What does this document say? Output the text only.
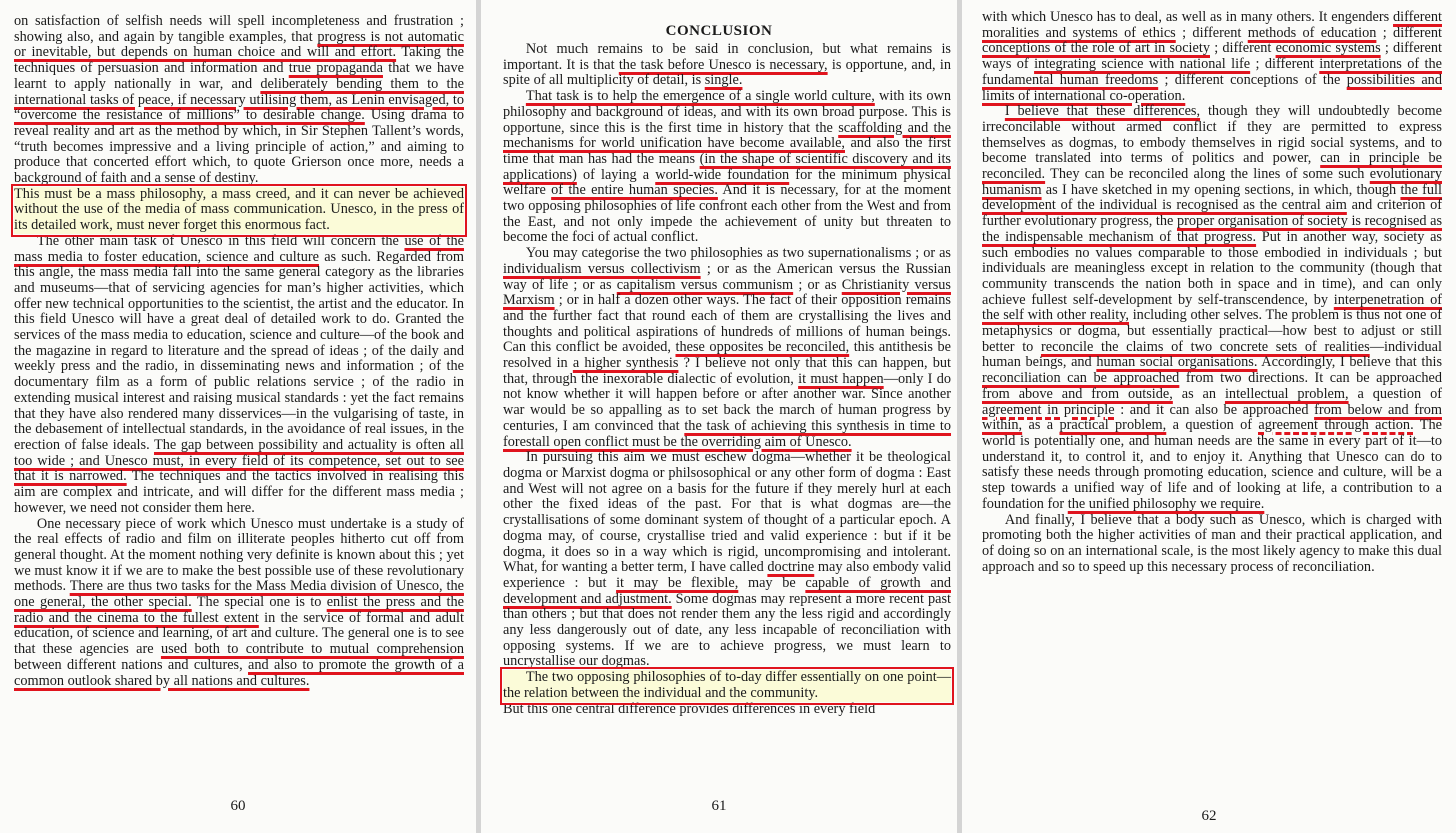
on satisfaction of selfish needs will spell incompleteness and frustration ; showing also, and again by tangible examples, that progress is not automatic or inevitable, but depends on human choice and will and effort. Taking the techniques of persuasion and information and true propaganda that we have learnt to apply nationally in war, and deliberately bending them to the international tasks of peace, if necessary utilising them, as Lenin envisaged, to “overcome the resistance of millions” to desirable change. Using drama to reveal reality and art as the method by which, in Sir Stephen Tallent’s words, “truth becomes impressive and a living principle of action,” and aiming to produce that concerted effort which, to quote Grierson once more, needs a background of faith and a sense of destiny.
This must be a mass philosophy, a mass creed, and it can never be achieved without the use of the media of mass communication. Unesco, in the press of its detailed work, must never forget this enormous fact.

The other main task of Unesco in this field will concern the use of the mass media to foster education, science and culture as such. Regarded from this angle, the mass media fall into the same general category as the libraries and museums—that of servicing agencies for man’s higher activities, which offer new technical opportunities to the scientist, the artist and the educator. In this field Unesco will have a great deal of detailed work to do. Granted the services of the mass media to education, science and culture—of the book and the magazine in regard to literature and the spread of ideas ; of the daily and weekly press and the radio, in disseminating news and information ; of the documentary film as a form of public relations service ; of the radio in extending musical interest and raising musical standards : yet the fact remains that they have also rendered many disservices—in the vulgarising of taste, in the debasement of intellectual standards, in the avoidance of real issues, in the erection of false ideals. The gap between possibility and actuality is often all too wide ; and Unesco must, in every field of its competence, set out to see that it is narrowed. The techniques and the tactics involved in realising this aim are complex and intricate, and will differ for the different mass media ; however, we need not consider them here.

One necessary piece of work which Unesco must undertake is a study of the real effects of radio and film on illiterate peoples hitherto cut off from general thought. At the moment nothing very definite is known about this ; yet we must know it if we are to make the best possible use of these revolutionary methods. There are thus two tasks for the Mass Media division of Unesco, the one general, the other special. The special one is to enlist the press and the radio and the cinema to the fullest extent in the service of formal and adult education, of science and learning, of art and culture. The general one is to see that these agencies are used both to contribute to mutual comprehension between different nations and cultures, and also to promote the growth of a common outlook shared by all nations and cultures.

60
CONCLUSION

Not much remains to be said in conclusion, but what remains is important. It is that the task before Unesco is necessary, is opportune, and, in spite of all multiplicity of detail, is single.

That task is to help the emergence of a single world culture, with its own philosophy and background of ideas, and with its own broad purpose. This is opportune, since this is the first time in history that the scaffolding and the mechanisms for world unification have become available, and also the first time that man has had the means (in the shape of scientific discovery and its applications) of laying a world-wide foundation for the minimum physical welfare of the entire human species. And it is necessary, for at the moment two opposing philosophies of life confront each other from the West and from the East, and not only impede the achievement of unity but threaten to become the foci of actual conflict.

You may categorise the two philosophies as two supernationalisms ; or as individualism versus collectivism ; or as the American versus the Russian way of life ; or as capitalism versus communism ; or as Christianity versus Marxism ; or in half a dozen other ways. The fact of their opposition remains and the further fact that round each of them are crystallising the lives and thoughts and political aspirations of hundreds of millions of human beings. Can this conflict be avoided, these opposites be reconciled, this antithesis be resolved in a higher synthesis ? I believe not only that this can happen, but that, through the inexorable dialectic of evolution, it must happen—only I do not know whether it will happen before or after another war. Since another war would be so appalling as to set back the march of human progress by centuries, I am convinced that the task of achieving this synthesis in time to forestall open conflict must be the overriding aim of Unesco.

In pursuing this aim we must eschew dogma—whether it be theological dogma or Marxist dogma or philsosophical or any other form of dogma : East and West will not agree on a basis for the future if they merely hurl at each other the fixed ideas of the past. For that is what dogmas are—the crystallisations of some dominant system of thought of a particular epoch. A dogma may, of course, crystallise tried and valid experience : but if it be dogma, it does so in a way which is rigid, uncompromising and intolerant. What, for wanting a better term, I have called doctrine may also embody valid experience : but it may be flexible, may be capable of growth and development and adjustment. Some dogmas may represent a more recent past than others ; but that does not render them any the less rigid and accordingly any less dangerously out of date, any less incapable of reconciliation with opposing systems. If we are to achieve progress, we must learn to uncrystallise our dogmas.

The two opposing philosophies of to-day differ essentially on one point—the relation between the individual and the community.
But this one central difference provides differences in every field

61

with which Unesco has to deal, as well as in many others. It engenders different moralities and systems of ethics ; different methods of education ; different conceptions of the role of art in society ; different economic systems ; different ways of integrating science with national life ; different interpretations of the fundamental human freedoms ; different conceptions of the possibilities and limits of international co-operation.

I believe that these differences, though they will undoubtedly become irreconcilable without armed conflict if they are permitted to express themselves as dogmas, to embody themselves in rigid social systems, and to become translated into terms of politics and power, can in principle be reconciled. They can be reconciled along the lines of some such evolutionary humanism as I have sketched in my opening sections, in which, though the full development of the individual is recognised as the central aim and criterion of further evolutionary progress, the proper organisation of society is recognised as the indispensable mechanism of that progress. Put in another way, society as such embodies no values comparable to those embodied in individuals ; but individuals are meaningless except in relation to the community (though that community transcends the nation both in space and in time), and can only achieve fullest self-development by self-transcendence, by interpenetration of the self with other reality, including other selves. The problem is thus not one of metaphysics or dogma, but essentially practical—how best to adjust or still better to reconcile the claims of two concrete sets of realities—individual human beings, and human social organisations. Accordingly, I believe that this reconciliation can be approached from two directions. It can be approached from above and from outside, as an intellectual problem, a question of agreement in principle : and it can also be approached from below and from within, as a practical problem, a question of agreement through action. The world is potentially one, and human needs are the same in every part of it—to understand it, to control it, and to enjoy it. Anything that Unesco can do to satisfy these needs through promoting education, science and culture, will be a step towards a unified way of life and of looking at life, a contribution to a foundation for the unified philosophy we require.

And finally, I believe that a body such as Unesco, which is charged with promoting both the higher activities of man and their practical application, and of doing so on an international scale, is the most likely agency to make this dual approach and so to speed up this necessary process of reconciliation.

62
